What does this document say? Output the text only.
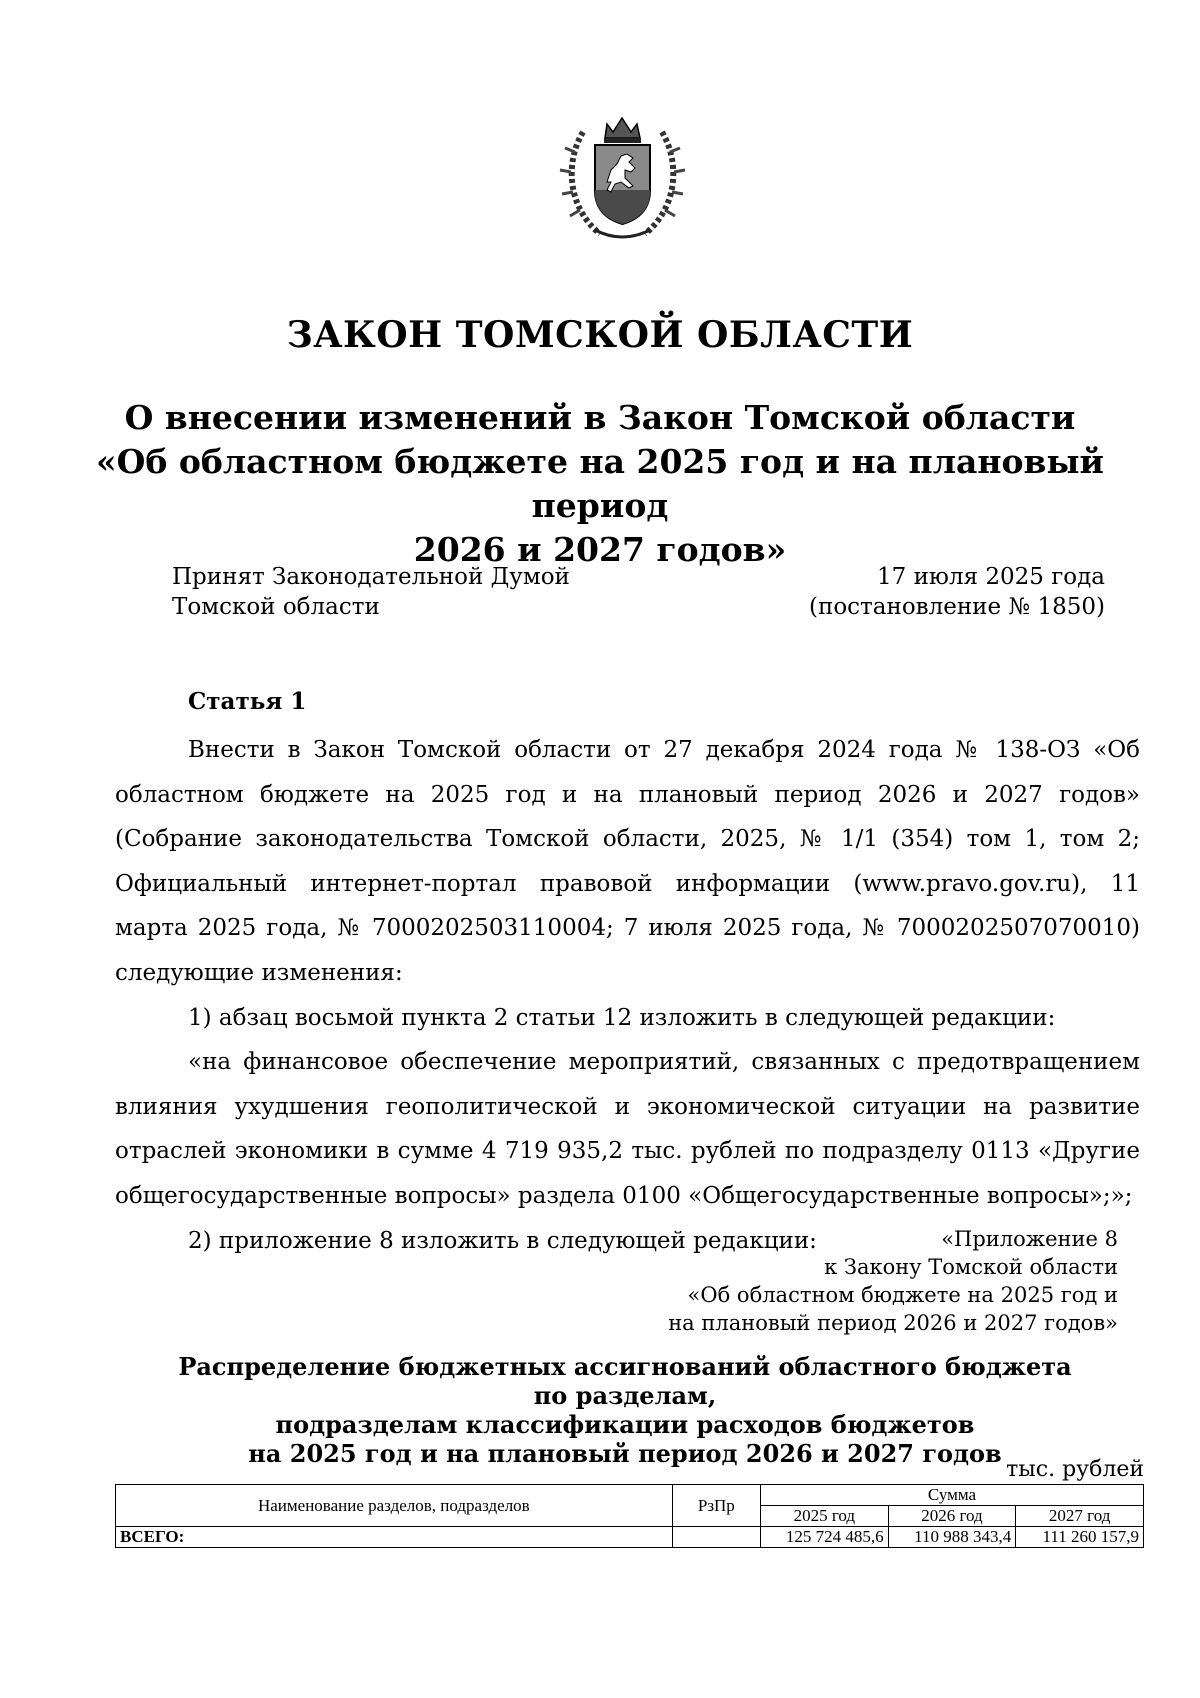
ЗАКОН ТОМСКОЙ ОБЛАСТИ
О внесении изменений в Закон Томской области
«Об областном бюджете на 2025 год и на плановый период
2026 и 2027 годов»
Принят Законодательной Думой
Томской области
17 июля 2025 года
(постановление № 1850)
Статья 1

Внести в Закон Томской области от 27 декабря 2024 года № 138-ОЗ «Об областном бюджете на 2025 год и на плановый период 2026 и 2027 годов» (Собрание законодательства Томской области, 2025, № 1/1 (354) том 1, том 2; Официальный интернет-портал правовой информации (www.pravo.gov.ru), 11 марта 2025 года, № 7000202503110004; 7 июля 2025 года, № 7000202507070010) следующие изменения:

1) абзац восьмой пункта 2 статьи 12 изложить в следующей редакции:

«на финансовое обеспечение мероприятий, связанных с предотвращением влияния ухудшения геополитической и экономической ситуации на развитие отраслей экономики в сумме 4 719 935,2 тыс. рублей по подразделу 0113 «Другие общегосударственные вопросы» раздела 0100 «Общегосударственные вопросы»;»;

2) приложение 8 изложить в следующей редакции:	«Приложение 8
к Закону Томской области
«Об областном бюджете на 2025 год и
на плановый период 2026 и 2027 годов»
Распределение бюджетных ассигнований областного бюджета по разделам,
подразделам классификации расходов бюджетов
на 2025 год и на плановый период 2026 и 2027 годов
тыс. рублей
Наименование разделов, подразделов	РзПр	Сумма		
		2025 год	2026 год	2027 год
ВСЕГО:		125 724 485,6	110 988 343,4	111 260 157,9
